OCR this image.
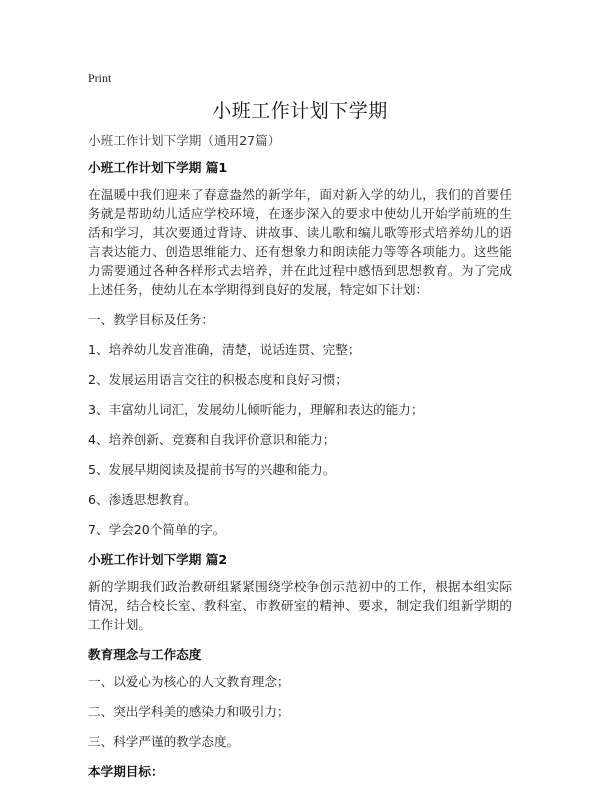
Print
小班工作计划下学期

小班工作计划下学期（通用27篇）

小班工作计划下学期 篇1

在温暖中我们迎来了春意盎然的新学年，面对新入学的幼儿，我们的首要任务就是帮助幼儿适应学校环境，在逐步深入的要求中使幼儿开始学前班的生活和学习，其次要通过背诗、讲故事、读儿歌和编儿歌等形式培养幼儿的语言表达能力、创造思维能力、还有想象力和朗读能力等等各项能力。这些能力需要通过各种各样形式去培养，并在此过程中感悟到思想教育。为了完成上述任务，使幼儿在本学期得到良好的发展，特定如下计划：

一、教学目标及任务：

1、培养幼儿发音准确，清楚，说话连贯、完整；

2、发展运用语言交往的积极态度和良好习惯；

3、丰富幼儿词汇，发展幼儿倾听能力，理解和表达的能力；

4、培养创新、竞赛和自我评价意识和能力；

5、发展早期阅读及提前书写的兴趣和能力。

6、渗透思想教育。

7、学会20个简单的字。

小班工作计划下学期 篇2

新的学期我们政治教研组紧紧围绕学校争创示范初中的工作，根据本组实际情况，结合校长室、教科室、市教研室的精神、要求，制定我们组新学期的工作计划。

教育理念与工作态度

一、以爱心为核心的人文教育理念；

二、突出学科美的感染力和吸引力；

三、科学严谨的教学态度。

本学期目标：
